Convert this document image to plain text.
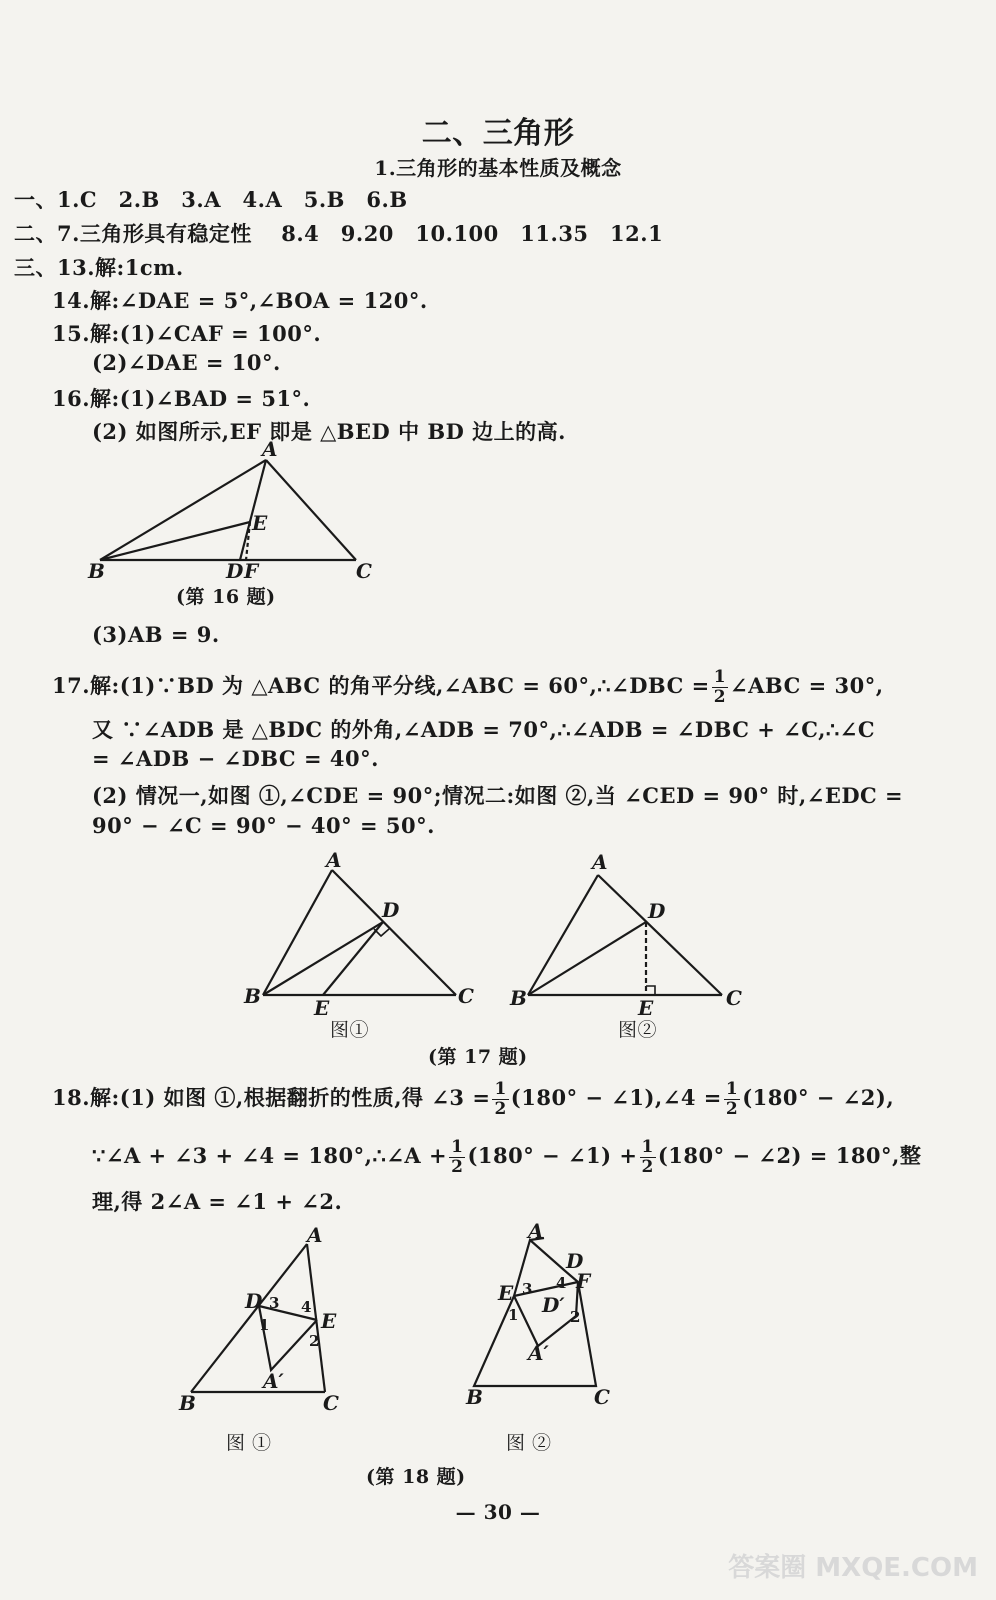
二、三角形
1.三角形的基本性质及概念
一、1.C　2.B　3.A　4.A　5.B　6.B
二、7.三角形具有稳定性　 8.4　9.20　10.100　11.35　12.1
三、13.解:1cm.
14.解:∠DAE = 5°,∠BOA = 120°.
15.解:(1)∠CAF = 100°.
(2)∠DAE = 10°.
16.解:(1)∠BAD = 51°.
(2) 如图所示,EF 即是 △BED 中 BD 边上的高.
A
B	C
D F
E
(第 16 题)
(3)AB = 9.
17.解:(1)∵BD 为 △ABC 的角平分线,∠ABC = 60°,∴∠DBC = $\frac{1}{2}$ ∠ABC = 30°,
又 ∵∠ADB 是 △BDC 的外角,∠ADB = 70°,∴∠ADB = ∠DBC + ∠C,∴∠C
= ∠ADB − ∠DBC = 40°.
(2) 情况一,如图 ①,∠CDE = 90°;情况二:如图 ②,当 ∠CED = 90° 时,∠EDC =
90° − ∠C = 90° − 40° = 50°.
A
B	C
D
E
图①
A
B	C
D
E
图②
(第 17 题)
18.解:(1) 如图 ①,根据翻折的性质,得 ∠3 = $\frac{1}{2} (180^\circ$ − ∠1),∠4 = $\frac{1}{2} (180^\circ$ − ∠2),
∵∠A + ∠3 + ∠4 = 180°,∴∠A + $\frac{1}{2} (180^\circ$ − ∠1) + $\frac{1}{2} (180^\circ$ − ∠2) = 180°,整
理,得 2∠A = ∠1 + ∠2.
A
B	C
D
E
A′
1
2
3 4
图 ①
A
B	C
D
E	F
D′
A′
1	2
3 4
图 ②
(第 18 题)
— 30 —
答案圈 MXQE.COM
